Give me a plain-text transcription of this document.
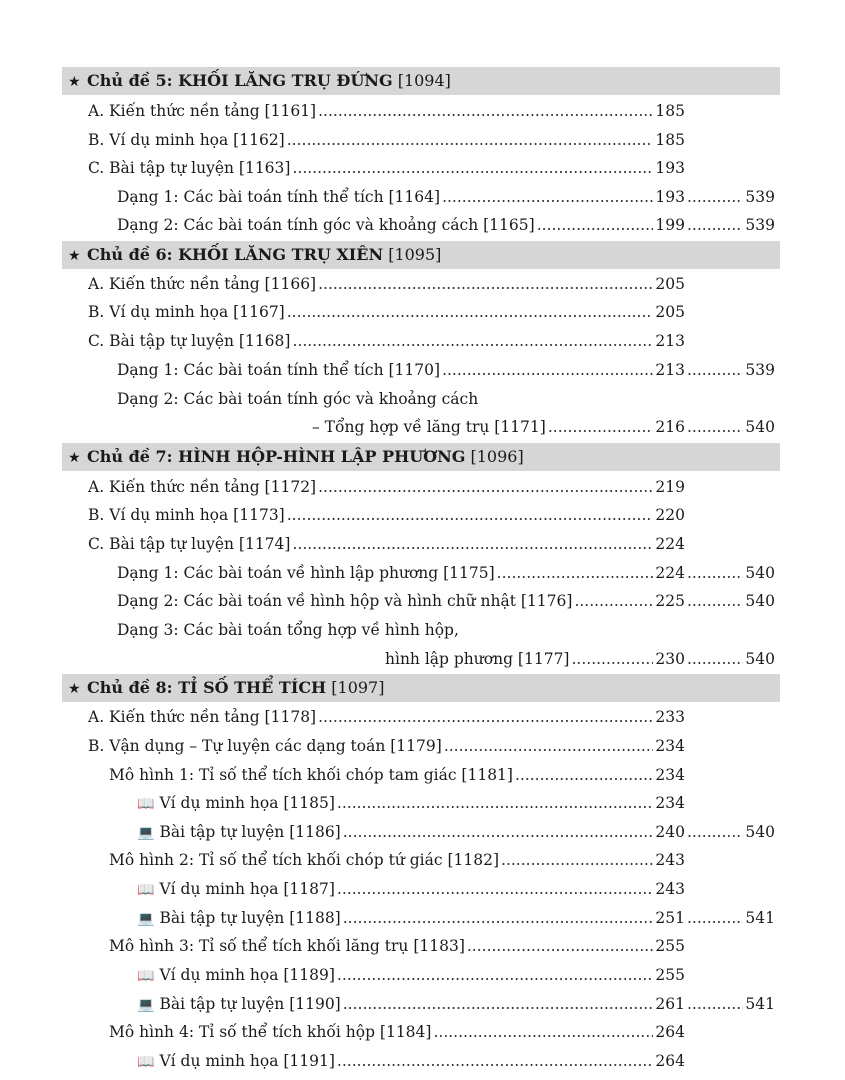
★ Chủ đề 5: KHỐI LĂNG TRỤ ĐỨNG [1094]
A. Kiến thức nền tảng [1161] .....	185
B. Ví dụ minh họa [1162] .....	185
C. Bài tập tự luyện [1163] .....	193
Dạng 1: Các bài toán tính thể tích [1164] .....	193 .....	539
Dạng 2: Các bài toán tính góc và khoảng cách [1165] .....	199 .....	539
★ Chủ đề 6: KHỐI LĂNG TRỤ XIÊN [1095]
A. Kiến thức nền tảng [1166] .....	205
B. Ví dụ minh họa [1167] .....	205
C. Bài tập tự luyện [1168] .....	213
Dạng 1: Các bài toán tính thể tích [1170] .....	213 .....	539
Dạng 2: Các bài toán tính góc và khoảng cách
– Tổng hợp về lăng trụ [1171] .....	216 .....	540
★ Chủ đề 7: HÌNH HỘP-HÌNH LẬP PHƯƠNG [1096]
A. Kiến thức nền tảng [1172] .....	219
B. Ví dụ minh họa [1173] .....	220
C. Bài tập tự luyện [1174] .....	224
Dạng 1: Các bài toán về hình lập phương [1175] .....	224 .....	540
Dạng 2: Các bài toán về hình hộp và hình chữ nhật [1176] .....	225 .....	540
Dạng 3: Các bài toán tổng hợp về hình hộp,
hình lập phương [1177] .....	230 .....	540
★ Chủ đề 8: TỈ SỐ THỂ TÍCH [1097]
A. Kiến thức nền tảng [1178] .....	233
B. Vận dụng – Tự luyện các dạng toán [1179] .....	234
Mô hình 1: Tỉ số thể tích khối chóp tam giác [1181] .....	234
📖 Ví dụ minh họa [1185] .....	234
💻 Bài tập tự luyện [1186] .....	240 .....	540
Mô hình 2: Tỉ số thể tích khối chóp tứ giác [1182] .....	243
📖 Ví dụ minh họa [1187] .....	243
💻 Bài tập tự luyện [1188] .....	251 .....	541
Mô hình 3: Tỉ số thể tích khối lăng trụ [1183] .....	255
📖 Ví dụ minh họa [1189] .....	255
💻 Bài tập tự luyện [1190] .....	261 .....	541
Mô hình 4: Tỉ số thể tích khối hộp [1184] .....	264
📖 Ví dụ minh họa [1191] .....	264
